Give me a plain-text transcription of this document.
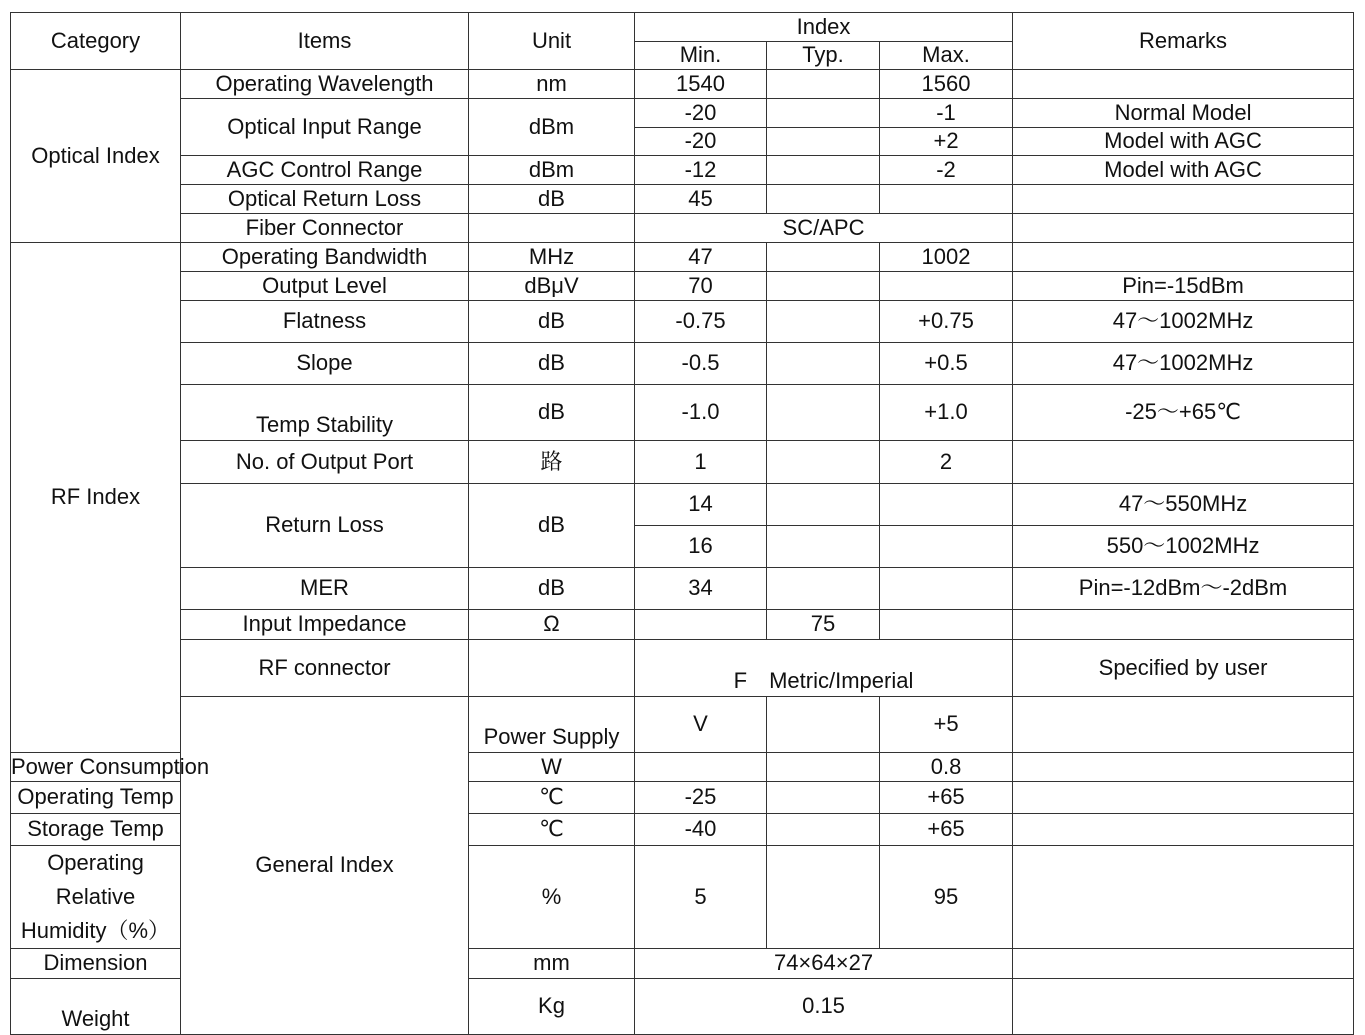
Category	Items	Unit	Index			Remarks	
			Min.	Typ.	Max.		
Optical Index	Operating Wavelength	nm	1540		1560		
	Optical Input Range	dBm	-20		-1	Normal Model	
			-20		+2	Model with AGC	
	AGC Control Range	dBm	-12		-2	Model with AGC	
	Optical Return Loss	dB	45				
	Fiber Connector		SC/APC				
RF Index	Operating Bandwidth	MHz	47		1002		
	Output Level	dBμV	70			Pin=-15dBm	
	Flatness	dB	-0.75		+0.75	47～1002MHz	
	Slope	dB	-0.5		+0.5	47～1002MHz	
	Temp Stability	dB	-1.0		+1.0	-25～+65℃	
	No. of Output Port	路	1		2		
	Return Loss	dB	14			47～550MHz	
			16			550～1002MHz	
	MER	dB	34			Pin=-12dBm～-2dBm	
	Input Impedance	Ω		75			
	RF connector		F　Metric/Imperial			Specified by user	
	General Index	Power Supply	V		+5		
Power Consumption		W			0.8		
Operating Temp		℃	-25		+65		
Storage Temp		℃	-40		+65		
Operating Relative Humidity（%）		%	5		95		
Dimension		mm	74×64×27				
Weight		Kg	0.15				
